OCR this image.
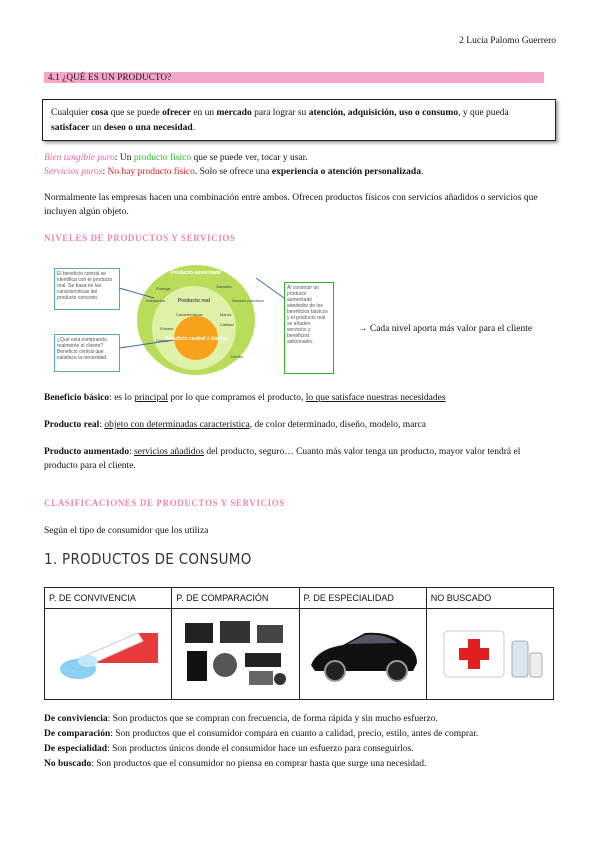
2 Lucía Palomo Guerrero
4.1 ¿QUÉ ES UN PRODUCTO?

Cualquier cosa que se puede ofrecer en un mercado para lograr su atención, adquisición, uso o consumo, y que pueda satisfacer un deseo o una necesidad.

Bien tangible puro: Un producto físico que se puede ver, tocar y usar.
Servicios puros: No hay producto físico. Solo se ofrece una experiencia o atención personalizada.
Normalmente las empresas hacen una combinación entre ambos. Ofrecen productos físicos con servicios añadidos o servicios que incluyen algún objeto.
NIVELES DE PRODUCTOS Y SERVICIOS
El beneficio central se identifica con el producto real. Se basa en las características del producto concreto.
¿Qué está comprando realmente el cliente? Beneficio central que satisface la necesidad
Al construir un producto aumentado alrededor de los beneficios básicos y el producto real se añaden servicios y beneficios adicionales.
Producto aumentado
Producto real
Beneficio central o básico
Entrega	Garantía
Servicio posventa
Instalación
Diseño
Marca
Calidad
Características
Envase
Crédito
→ Cada nivel aporta más valor para el cliente
Beneficio básico: es lo principal por lo que compramos el producto, lo que satisface nuestras necesidades
Producto real: objeto con determinadas característica, de color determinado, diseño, modelo, marca
Producto aumentado: servicios añadidos del producto, seguro… Cuanto más valor tenga un producto, mayor valor tendrá el producto para el cliente.
CLASIFICACIONES DE PRODUCTOS Y SERVICIOS
Según el tipo de consumidor que los utiliza
1. PRODUCTOS DE CONSUMO
P. DE CONVIVENCIA	P. DE COMPARACIÓN	P. DE ESPECIALIDAD	NO BUSCADO

De conviviencia: Son productos que se compran con frecuencia, de forma rápida y sin mucho esfuerzo.
De comparación: Son productos que el consumidor compara en cuanto a calidad, precio, estilo, antes de comprar.
De especialidad: Son productos únicos donde el consumidor hace un esfuerzo para conseguirlos.
No buscado: Son productos que el consumidor no piensa en comprar hasta que surge una necesidad.
